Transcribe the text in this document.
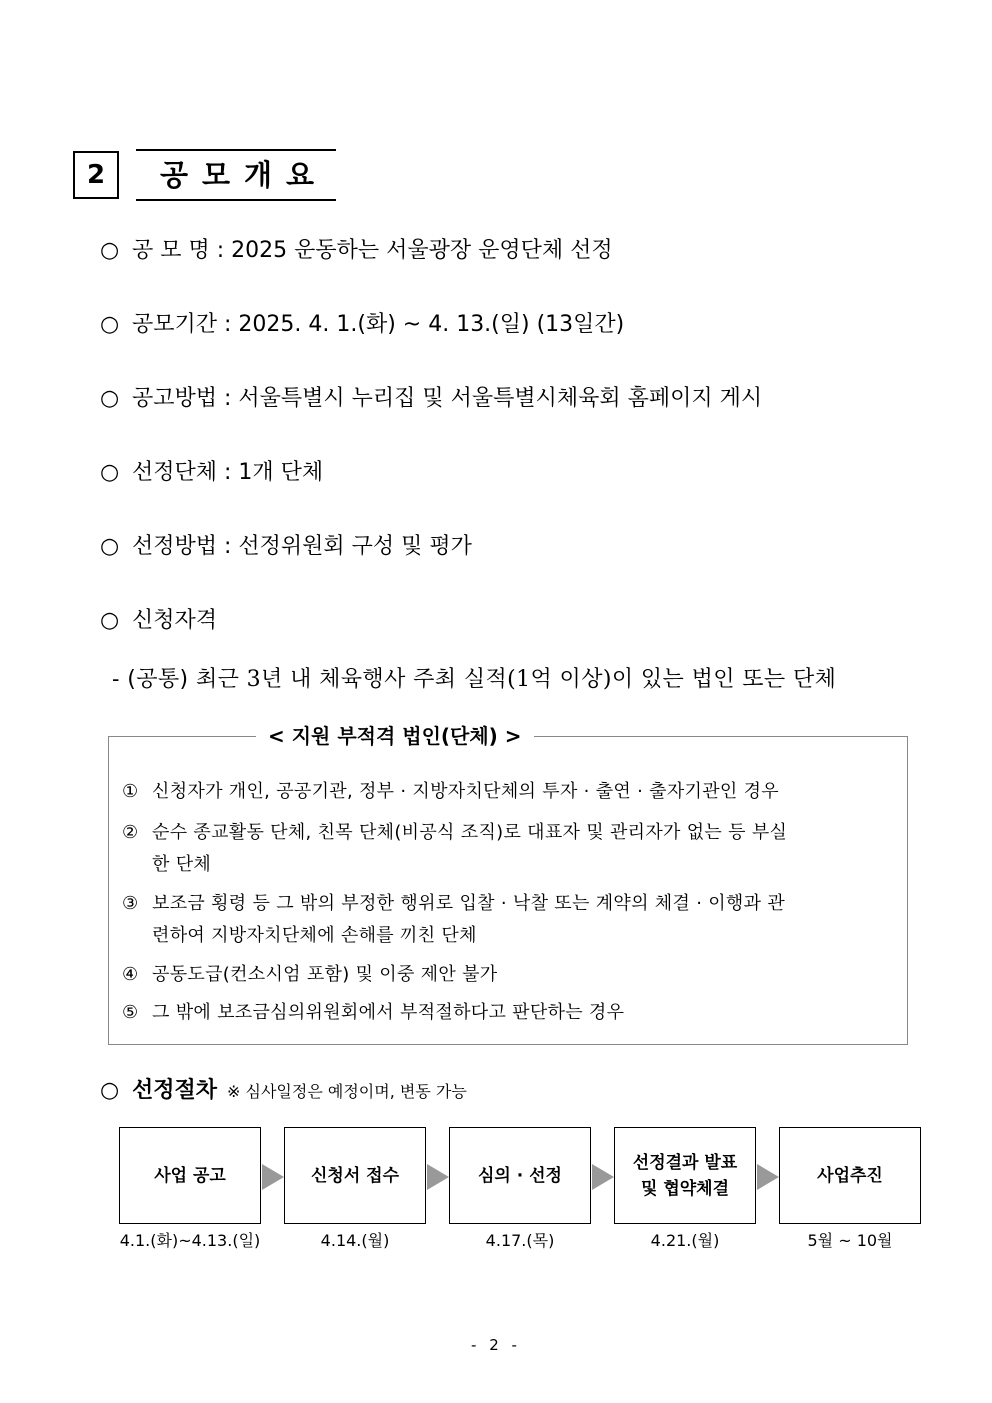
2	공모개요
○ 공 모 명 : 2025 운동하는 서울광장 운영단체 선정
○ 공모기간 : 2025. 4. 1.(화) ~ 4. 13.(일) (13일간)
○ 공고방법 : 서울특별시 누리집 및 서울특별시체육회 홈페이지 게시
○ 선정단체 : 1개 단체
○ 선정방법 : 선정위원회 구성 및 평가
○ 신청자격
- (공통) 최근 3년 내 체육행사 주최 실적(1억 이상)이 있는 법인 또는 단체
< 지원 부적격 법인(단체) >
① 신청자가 개인, 공공기관, 정부 · 지방자치단체의 투자 · 출연 · 출자기관인 경우
② 순수 종교활동 단체, 친목 단체(비공식 조직)로 대표자 및 관리자가 없는 등 부실
한 단체
③ 보조금 횡령 등 그 밖의 부정한 행위로 입찰 · 낙찰 또는 계약의 체결 · 이행과 관
련하여 지방자치단체에 손해를 끼친 단체
④ 공동도급(컨소시엄 포함) 및 이중 제안 불가
⑤ 그 밖에 보조금심의위원회에서 부적절하다고 판단하는 경우
○ 선정절차 ※ 심사일정은 예정이며, 변동 가능
사업 공고	신청서 접수	심의 · 선정
선정결과 발표 및 협약체결
사업추진
4.1.(화)~4.13.(일)	4.14.(월)	4.17.(목)	4.21.(월)	5월 ~ 10월
- 2 -
